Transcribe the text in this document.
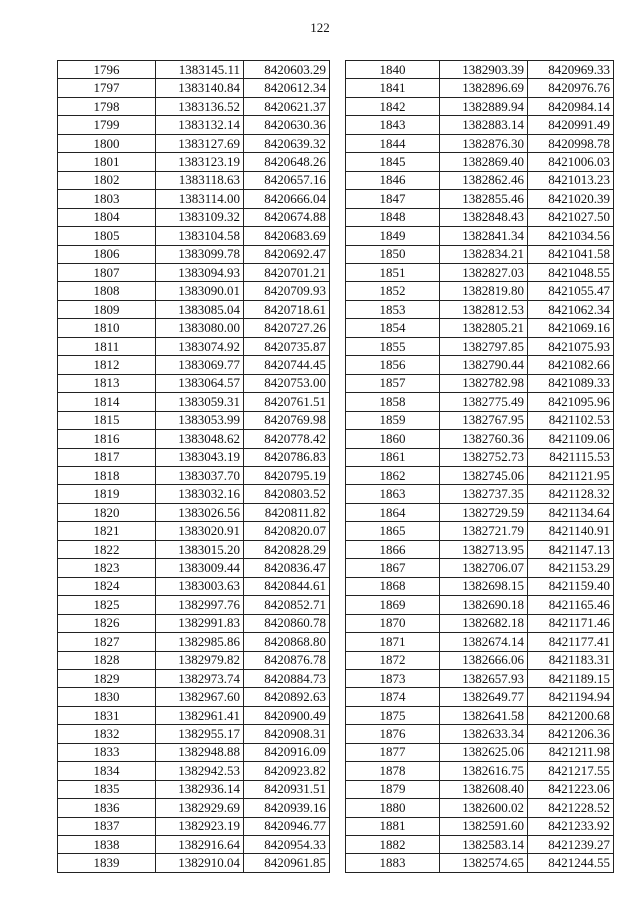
122
1796	1383145.11	8420603.29
1797	1383140.84	8420612.34
1798	1383136.52	8420621.37
1799	1383132.14	8420630.36
1800	1383127.69	8420639.32
1801	1383123.19	8420648.26
1802	1383118.63	8420657.16
1803	1383114.00	8420666.04
1804	1383109.32	8420674.88
1805	1383104.58	8420683.69
1806	1383099.78	8420692.47
1807	1383094.93	8420701.21
1808	1383090.01	8420709.93
1809	1383085.04	8420718.61
1810	1383080.00	8420727.26
1811	1383074.92	8420735.87
1812	1383069.77	8420744.45
1813	1383064.57	8420753.00
1814	1383059.31	8420761.51
1815	1383053.99	8420769.98
1816	1383048.62	8420778.42
1817	1383043.19	8420786.83
1818	1383037.70	8420795.19
1819	1383032.16	8420803.52
1820	1383026.56	8420811.82
1821	1383020.91	8420820.07
1822	1383015.20	8420828.29
1823	1383009.44	8420836.47
1824	1383003.63	8420844.61
1825	1382997.76	8420852.71
1826	1382991.83	8420860.78
1827	1382985.86	8420868.80
1828	1382979.82	8420876.78
1829	1382973.74	8420884.73
1830	1382967.60	8420892.63
1831	1382961.41	8420900.49
1832	1382955.17	8420908.31
1833	1382948.88	8420916.09
1834	1382942.53	8420923.82
1835	1382936.14	8420931.51
1836	1382929.69	8420939.16
1837	1382923.19	8420946.77
1838	1382916.64	8420954.33
1839	1382910.04	8420961.85
1840	1382903.39	8420969.33
1841	1382896.69	8420976.76
1842	1382889.94	8420984.14
1843	1382883.14	8420991.49
1844	1382876.30	8420998.78
1845	1382869.40	8421006.03
1846	1382862.46	8421013.23
1847	1382855.46	8421020.39
1848	1382848.43	8421027.50
1849	1382841.34	8421034.56
1850	1382834.21	8421041.58
1851	1382827.03	8421048.55
1852	1382819.80	8421055.47
1853	1382812.53	8421062.34
1854	1382805.21	8421069.16
1855	1382797.85	8421075.93
1856	1382790.44	8421082.66
1857	1382782.98	8421089.33
1858	1382775.49	8421095.96
1859	1382767.95	8421102.53
1860	1382760.36	8421109.06
1861	1382752.73	8421115.53
1862	1382745.06	8421121.95
1863	1382737.35	8421128.32
1864	1382729.59	8421134.64
1865	1382721.79	8421140.91
1866	1382713.95	8421147.13
1867	1382706.07	8421153.29
1868	1382698.15	8421159.40
1869	1382690.18	8421165.46
1870	1382682.18	8421171.46
1871	1382674.14	8421177.41
1872	1382666.06	8421183.31
1873	1382657.93	8421189.15
1874	1382649.77	8421194.94
1875	1382641.58	8421200.68
1876	1382633.34	8421206.36
1877	1382625.06	8421211.98
1878	1382616.75	8421217.55
1879	1382608.40	8421223.06
1880	1382600.02	8421228.52
1881	1382591.60	8421233.92
1882	1382583.14	8421239.27
1883	1382574.65	8421244.55
